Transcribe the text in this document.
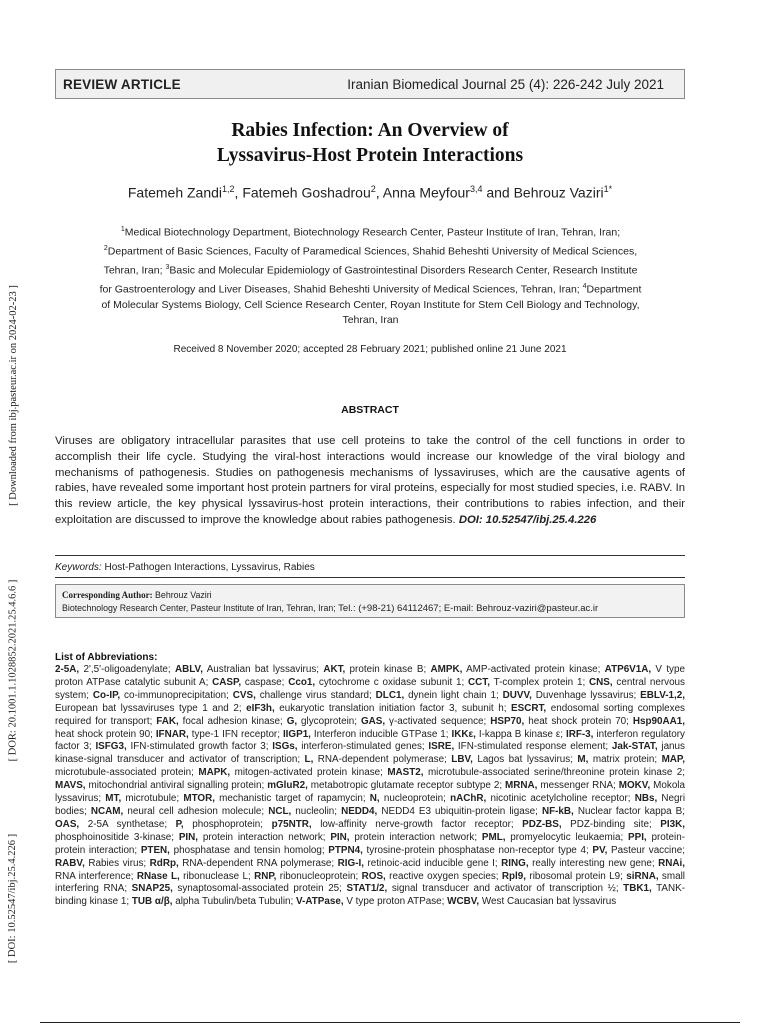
[ Downloaded from ibj.pasteur.ac.ir on 2024-02-23 ]
[ DOR: 20.1001.1.1028852.2021.25.4.6.6 ]
[ DOI: 10.52547/ibj.25.4.226 ]
REVIEW ARTICLE	Iranian Biomedical Journal 25 (4): 226-242 July 2021
Rabies Infection: An Overview of
Lyssavirus-Host Protein Interactions
Fatemeh Zandi$^{1,2}$, Fatemeh Goshadrou$^2$, Anna Meyfour$^{3,4}$ and Behrouz Vaziri$^{1*}$
$^1$Medical Biotechnology Department, Biotechnology Research Center, Pasteur Institute of Iran, Tehran, Iran; $^2$Department of Basic Sciences, Faculty of Paramedical Sciences, Shahid Beheshti University of Medical Sciences, Tehran, Iran; $^3$Basic and Molecular Epidemiology of Gastrointestinal Disorders Research Center, Research Institute for Gastroenterology and Liver Diseases, Shahid Beheshti University of Medical Sciences, Tehran, Iran; $^4$Department of Molecular Systems Biology, Cell Science Research Center, Royan Institute for Stem Cell Biology and Technology, Tehran, Iran
Received 8 November 2020; accepted 28 February 2021; published online 21 June 2021
ABSTRACT
Viruses are obligatory intracellular parasites that use cell proteins to take the control of the cell functions in order to accomplish their life cycle. Studying the viral-host interactions would increase our knowledge of the viral biology and mechanisms of pathogenesis. Studies on pathogenesis mechanisms of lyssaviruses, which are the causative agents of rabies, have revealed some important host protein partners for viral proteins, especially for most studied species, i.e. RABV. In this review article, the key physical lyssavirus-host protein interactions, their contributions to rabies infection, and their exploitation are discussed to improve the knowledge about rabies pathogenesis. DOI: 10.52547/ibj.25.4.226
Keywords: Host-Pathogen Interactions, Lyssavirus, Rabies
Corresponding Author: Behrouz Vaziri
Biotechnology Research Center, Pasteur Institute of Iran, Tehran, Iran; Tel.: (+98-21) 64112467; E-mail: Behrouz-vaziri@pasteur.ac.ir
List of Abbreviations:
2-5A, 2',5'-oligoadenylate; ABLV, Australian bat lyssavirus; AKT, protein kinase B; AMPK, AMP-activated protein kinase; ATP6V1A, V type proton ATPase catalytic subunit A; CASP, caspase; Cco1, cytochrome c oxidase subunit 1; CCT, T-complex protein 1; CNS, central nervous system; Co-IP, co-immunoprecipitation; CVS, challenge virus standard; DLC1, dynein light chain 1; DUVV, Duvenhage lyssavirus; EBLV-1,2, European bat lyssaviruses type 1 and 2; eIF3h, eukaryotic translation initiation factor 3, subunit h; ESCRT, endosomal sorting complexes required for transport; FAK, focal adhesion kinase; G, glycoprotein; GAS, γ-activated sequence; HSP70, heat shock protein 70; Hsp90AA1, heat shock protein 90; IFNAR, type-1 IFN receptor; IIGP1, Interferon inducible GTPase 1; IKKε, I-kappa B kinase ε; IRF-3, interferon regulatory factor 3; ISFG3, IFN-stimulated growth factor 3; ISGs, interferon-stimulated genes; ISRE, IFN-stimulated response element; Jak-STAT, janus kinase-signal transducer and activator of transcription; L, RNA-dependent polymerase; LBV, Lagos bat lyssavirus; M, matrix protein; MAP, microtubule-associated protein; MAPK, mitogen-activated protein kinase; MAST2, microtubule-associated serine/threonine protein kinase 2; MAVS, mitochondrial antiviral signalling protein; mGluR2, metabotropic glutamate receptor subtype 2; MRNA, messenger RNA; MOKV, Mokola lyssavirus; MT, microtubule; MTOR, mechanistic target of rapamycin; N, nucleoprotein; nAChR, nicotinic acetylcholine receptor; NBs, Negri bodies; NCAM, neural cell adhesion molecule; NCL, nucleolin; NEDD4, NEDD4 E3 ubiquitin-protein ligase; NF-kB, Nuclear factor kappa B; OAS, 2-5A synthetase; P, phosphoprotein; p75NTR, low-affinity nerve-growth factor receptor; PDZ-BS, PDZ-binding site; PI3K, phosphoinositide 3-kinase; PIN, protein interaction network; PIN, protein interaction network; PML, promyelocytic leukaemia; PPI, protein-protein interaction; PTEN, phosphatase and tensin homolog; PTPN4, tyrosine-protein phosphatase non-receptor type 4; PV, Pasteur vaccine; RABV, Rabies virus; RdRp, RNA-dependent RNA polymerase; RIG-I, retinoic-acid inducible gene I; RING, really interesting new gene; RNAi, RNA interference; RNase L, ribonuclease L; RNP, ribonucleoprotein; ROS, reactive oxygen species; Rpl9, ribosomal protein L9; siRNA, small interfering RNA; SNAP25, synaptosomal-associated protein 25; STAT1/2, signal transducer and activator of transcription ½; TBK1, TANK-binding kinase 1; TUB α/β, alpha Tubulin/beta Tubulin; V-ATPase, V type proton ATPase; WCBV, West Caucasian bat lyssavirus
